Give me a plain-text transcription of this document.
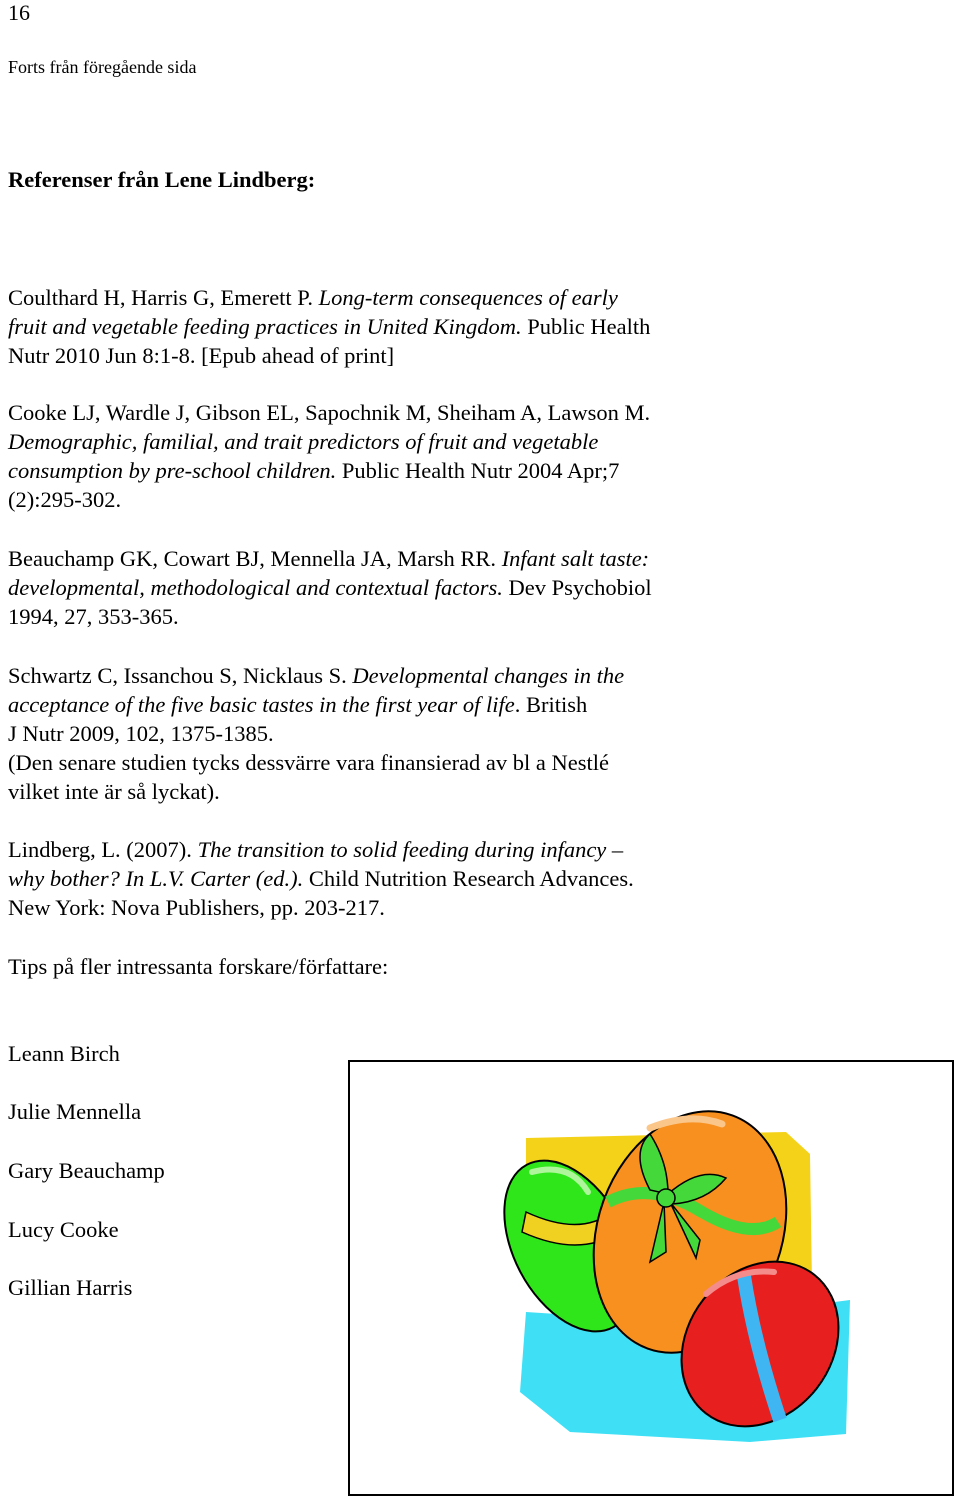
16
Forts från föregående sida
Referenser från Lene Lindberg:
Coulthard H, Harris G, Emerett P. Long-term consequences of early
fruit and vegetable feeding practices in United Kingdom. Public Health
Nutr 2010 Jun 8:1-8. [Epub ahead of print]
Cooke LJ, Wardle J, Gibson EL, Sapochnik M, Sheiham A, Lawson M.
Demographic, familial, and trait predictors of fruit and vegetable
consumption by pre-school children. Public Health Nutr 2004 Apr;7
(2):295-302.
Beauchamp GK, Cowart BJ, Mennella JA, Marsh RR. Infant salt taste:
developmental, methodological and contextual factors. Dev Psychobiol
1994, 27, 353-365.
Schwartz C, Issanchou S, Nicklaus S. Developmental changes in the
acceptance of the five basic tastes in the first year of life. British
J Nutr 2009, 102, 1375-1385.
(Den senare studien tycks dessvärre vara finansierad av bl a Nestlé
vilket inte är så lyckat).
Lindberg, L. (2007). The transition to solid feeding during infancy –
why bother? In L.V. Carter (ed.). Child Nutrition Research Advances.
New York: Nova Publishers, pp. 203-217.
Tips på fler intressanta forskare/författare:
Leann Birch
Julie Mennella
Gary Beauchamp
Lucy Cooke
Gillian Harris
